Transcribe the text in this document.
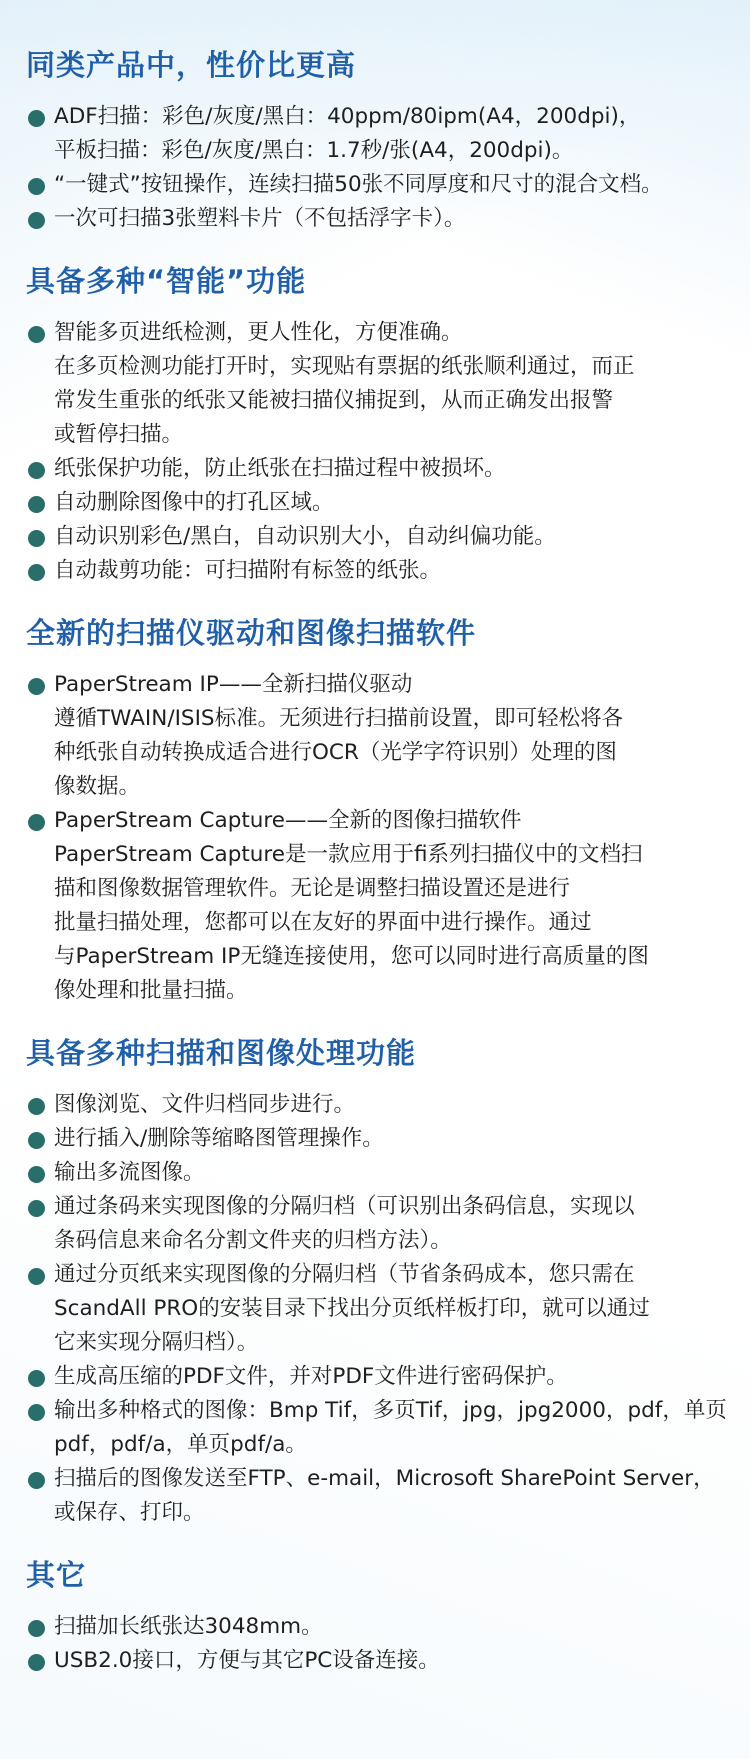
同类产品中，性价比更高
ADF扫描：彩色/灰度/黑白：40ppm/80ipm(A4，200dpi)，
平板扫描：彩色/灰度/黑白：1.7秒/张(A4，200dpi)。
“一键式”按钮操作，连续扫描50张不同厚度和尺寸的混合文档。
一次可扫描3张塑料卡片（不包括浮字卡）。
具备多种“智能”功能
智能多页进纸检测，更人性化，方便准确。
在多页检测功能打开时，实现贴有票据的纸张顺利通过，而正
常发生重张的纸张又能被扫描仪捕捉到，从而正确发出报警
或暂停扫描。
纸张保护功能，防止纸张在扫描过程中被损坏。
自动删除图像中的打孔区域。
自动识别彩色/黑白，自动识别大小，自动纠偏功能。
自动裁剪功能：可扫描附有标签的纸张。
全新的扫描仪驱动和图像扫描软件
PaperStream IP——全新扫描仪驱动
遵循TWAIN/ISIS标准。无须进行扫描前设置，即可轻松将各
种纸张自动转换成适合进行OCR（光学字符识别）处理的图
像数据。
PaperStream Capture——全新的图像扫描软件
PaperStream Capture是一款应用于fi系列扫描仪中的文档扫
描和图像数据管理软件。无论是调整扫描设置还是进行
批量扫描处理，您都可以在友好的界面中进行操作。通过
与PaperStream IP无缝连接使用，您可以同时进行高质量的图
像处理和批量扫描。
具备多种扫描和图像处理功能
图像浏览、文件归档同步进行。
进行插入/删除等缩略图管理操作。
输出多流图像。
通过条码来实现图像的分隔归档（可识别出条码信息，实现以
条码信息来命名分割文件夹的归档方法）。
通过分页纸来实现图像的分隔归档（节省条码成本，您只需在
ScandAll PRO的安装目录下找出分页纸样板打印，就可以通过
它来实现分隔归档）。
生成高压缩的PDF文件，并对PDF文件进行密码保护。
输出多种格式的图像：Bmp Tif，多页Tif，jpg，jpg2000，pdf，单页
pdf，pdf/a，单页pdf/a。
扫描后的图像发送至FTP、e-mail，Microsoft SharePoint Server，
或保存、打印。
其它
扫描加长纸张达3048mm。
USB2.0接口，方便与其它PC设备连接。
